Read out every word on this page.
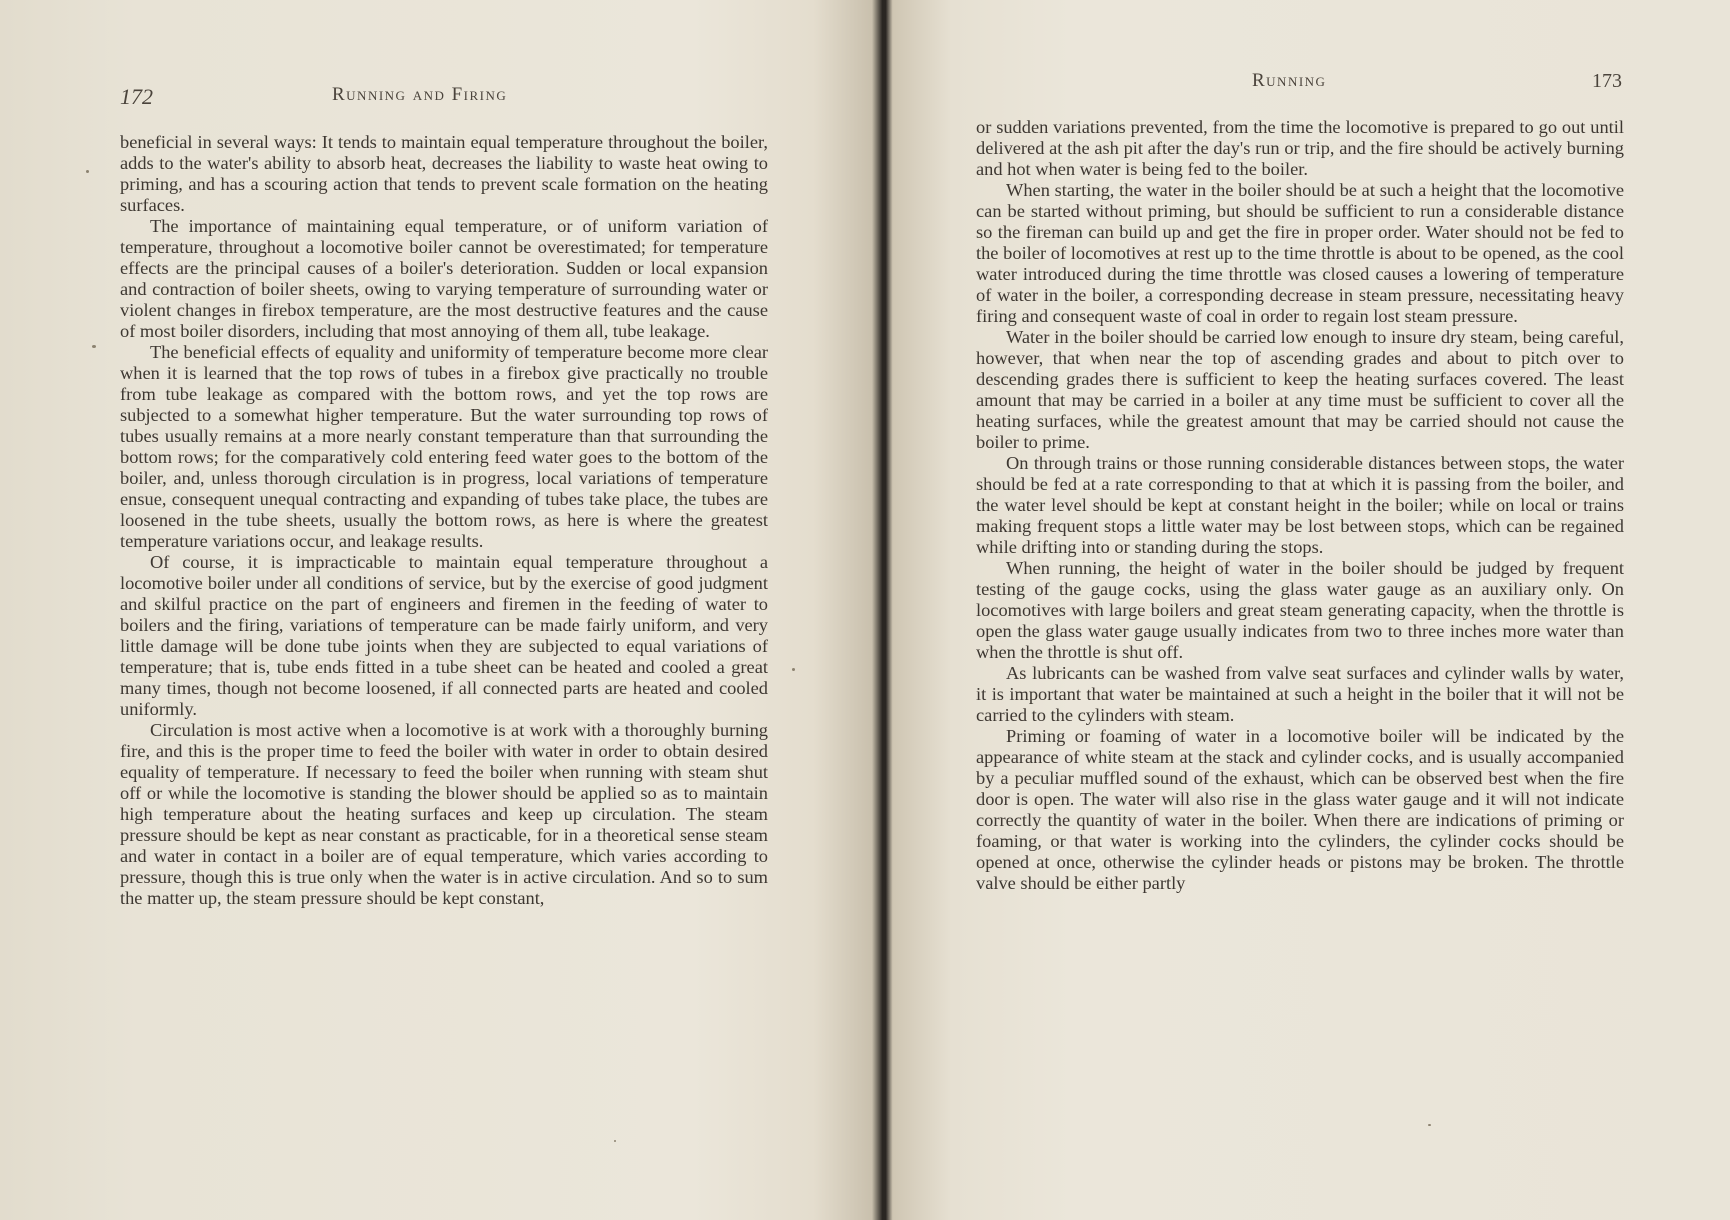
172	Running and Firing

beneficial in several ways: It tends to maintain equal temperature throughout the boiler, adds to the water's ability to absorb heat, decreases the liability to waste heat owing to priming, and has a scouring action that tends to prevent scale formation on the heating surfaces.

The importance of maintaining equal temperature, or of uniform variation of temperature, throughout a locomotive boiler cannot be overestimated; for temperature effects are the principal causes of a boiler's deterioration. Sudden or local expansion and contraction of boiler sheets, owing to varying temperature of surrounding water or violent changes in firebox temperature, are the most destructive features and the cause of most boiler disorders, including that most annoying of them all, tube leakage.

The beneficial effects of equality and uniformity of temperature become more clear when it is learned that the top rows of tubes in a firebox give practically no trouble from tube leakage as compared with the bottom rows, and yet the top rows are subjected to a somewhat higher temperature. But the water surrounding top rows of tubes usually remains at a more nearly constant temperature than that surrounding the bottom rows; for the comparatively cold entering feed water goes to the bottom of the boiler, and, unless thorough circulation is in progress, local variations of temperature ensue, consequent unequal contracting and expanding of tubes take place, the tubes are loosened in the tube sheets, usually the bottom rows, as here is where the greatest temperature variations occur, and leakage results.

Of course, it is impracticable to maintain equal temperature throughout a locomotive boiler under all conditions of service, but by the exercise of good judgment and skilful practice on the part of engineers and firemen in the feeding of water to boilers and the firing, variations of temperature can be made fairly uniform, and very little damage will be done tube joints when they are subjected to equal variations of temperature; that is, tube ends fitted in a tube sheet can be heated and cooled a great many times, though not become loosened, if all connected parts are heated and cooled uniformly.

Circulation is most active when a locomotive is at work with a thoroughly burning fire, and this is the proper time to feed the boiler with water in order to obtain desired equality of temperature. If necessary to feed the boiler when running with steam shut off or while the locomotive is standing the blower should be applied so as to maintain high temperature about the heating surfaces and keep up circulation. The steam pressure should be kept as near constant as practicable, for in a theoretical sense steam and water in contact in a boiler are of equal temperature, which varies according to pressure, though this is true only when the water is in active circulation. And so to sum the matter up, the steam pressure should be kept constant,

Running	173

or sudden variations prevented, from the time the locomotive is prepared to go out until delivered at the ash pit after the day's run or trip, and the fire should be actively burning and hot when water is being fed to the boiler.

When starting, the water in the boiler should be at such a height that the locomotive can be started without priming, but should be sufficient to run a considerable distance so the fireman can build up and get the fire in proper order. Water should not be fed to the boiler of locomotives at rest up to the time throttle is about to be opened, as the cool water introduced during the time throttle was closed causes a lowering of temperature of water in the boiler, a corresponding decrease in steam pressure, necessitating heavy firing and consequent waste of coal in order to regain lost steam pressure.

Water in the boiler should be carried low enough to insure dry steam, being careful, however, that when near the top of ascending grades and about to pitch over to descending grades there is sufficient to keep the heating surfaces covered. The least amount that may be carried in a boiler at any time must be sufficient to cover all the heating surfaces, while the greatest amount that may be carried should not cause the boiler to prime.

On through trains or those running considerable distances between stops, the water should be fed at a rate corresponding to that at which it is passing from the boiler, and the water level should be kept at constant height in the boiler; while on local or trains making frequent stops a little water may be lost between stops, which can be regained while drifting into or standing during the stops.

When running, the height of water in the boiler should be judged by frequent testing of the gauge cocks, using the glass water gauge as an auxiliary only. On locomotives with large boilers and great steam generating capacity, when the throttle is open the glass water gauge usually indicates from two to three inches more water than when the throttle is shut off.

As lubricants can be washed from valve seat surfaces and cylinder walls by water, it is important that water be maintained at such a height in the boiler that it will not be carried to the cylinders with steam.

Priming or foaming of water in a locomotive boiler will be indicated by the appearance of white steam at the stack and cylinder cocks, and is usually accompanied by a peculiar muffled sound of the exhaust, which can be observed best when the fire door is open. The water will also rise in the glass water gauge and it will not indicate correctly the quantity of water in the boiler. When there are indications of priming or foaming, or that water is working into the cylinders, the cylinder cocks should be opened at once, otherwise the cylinder heads or pistons may be broken. The throttle valve should be either partly
